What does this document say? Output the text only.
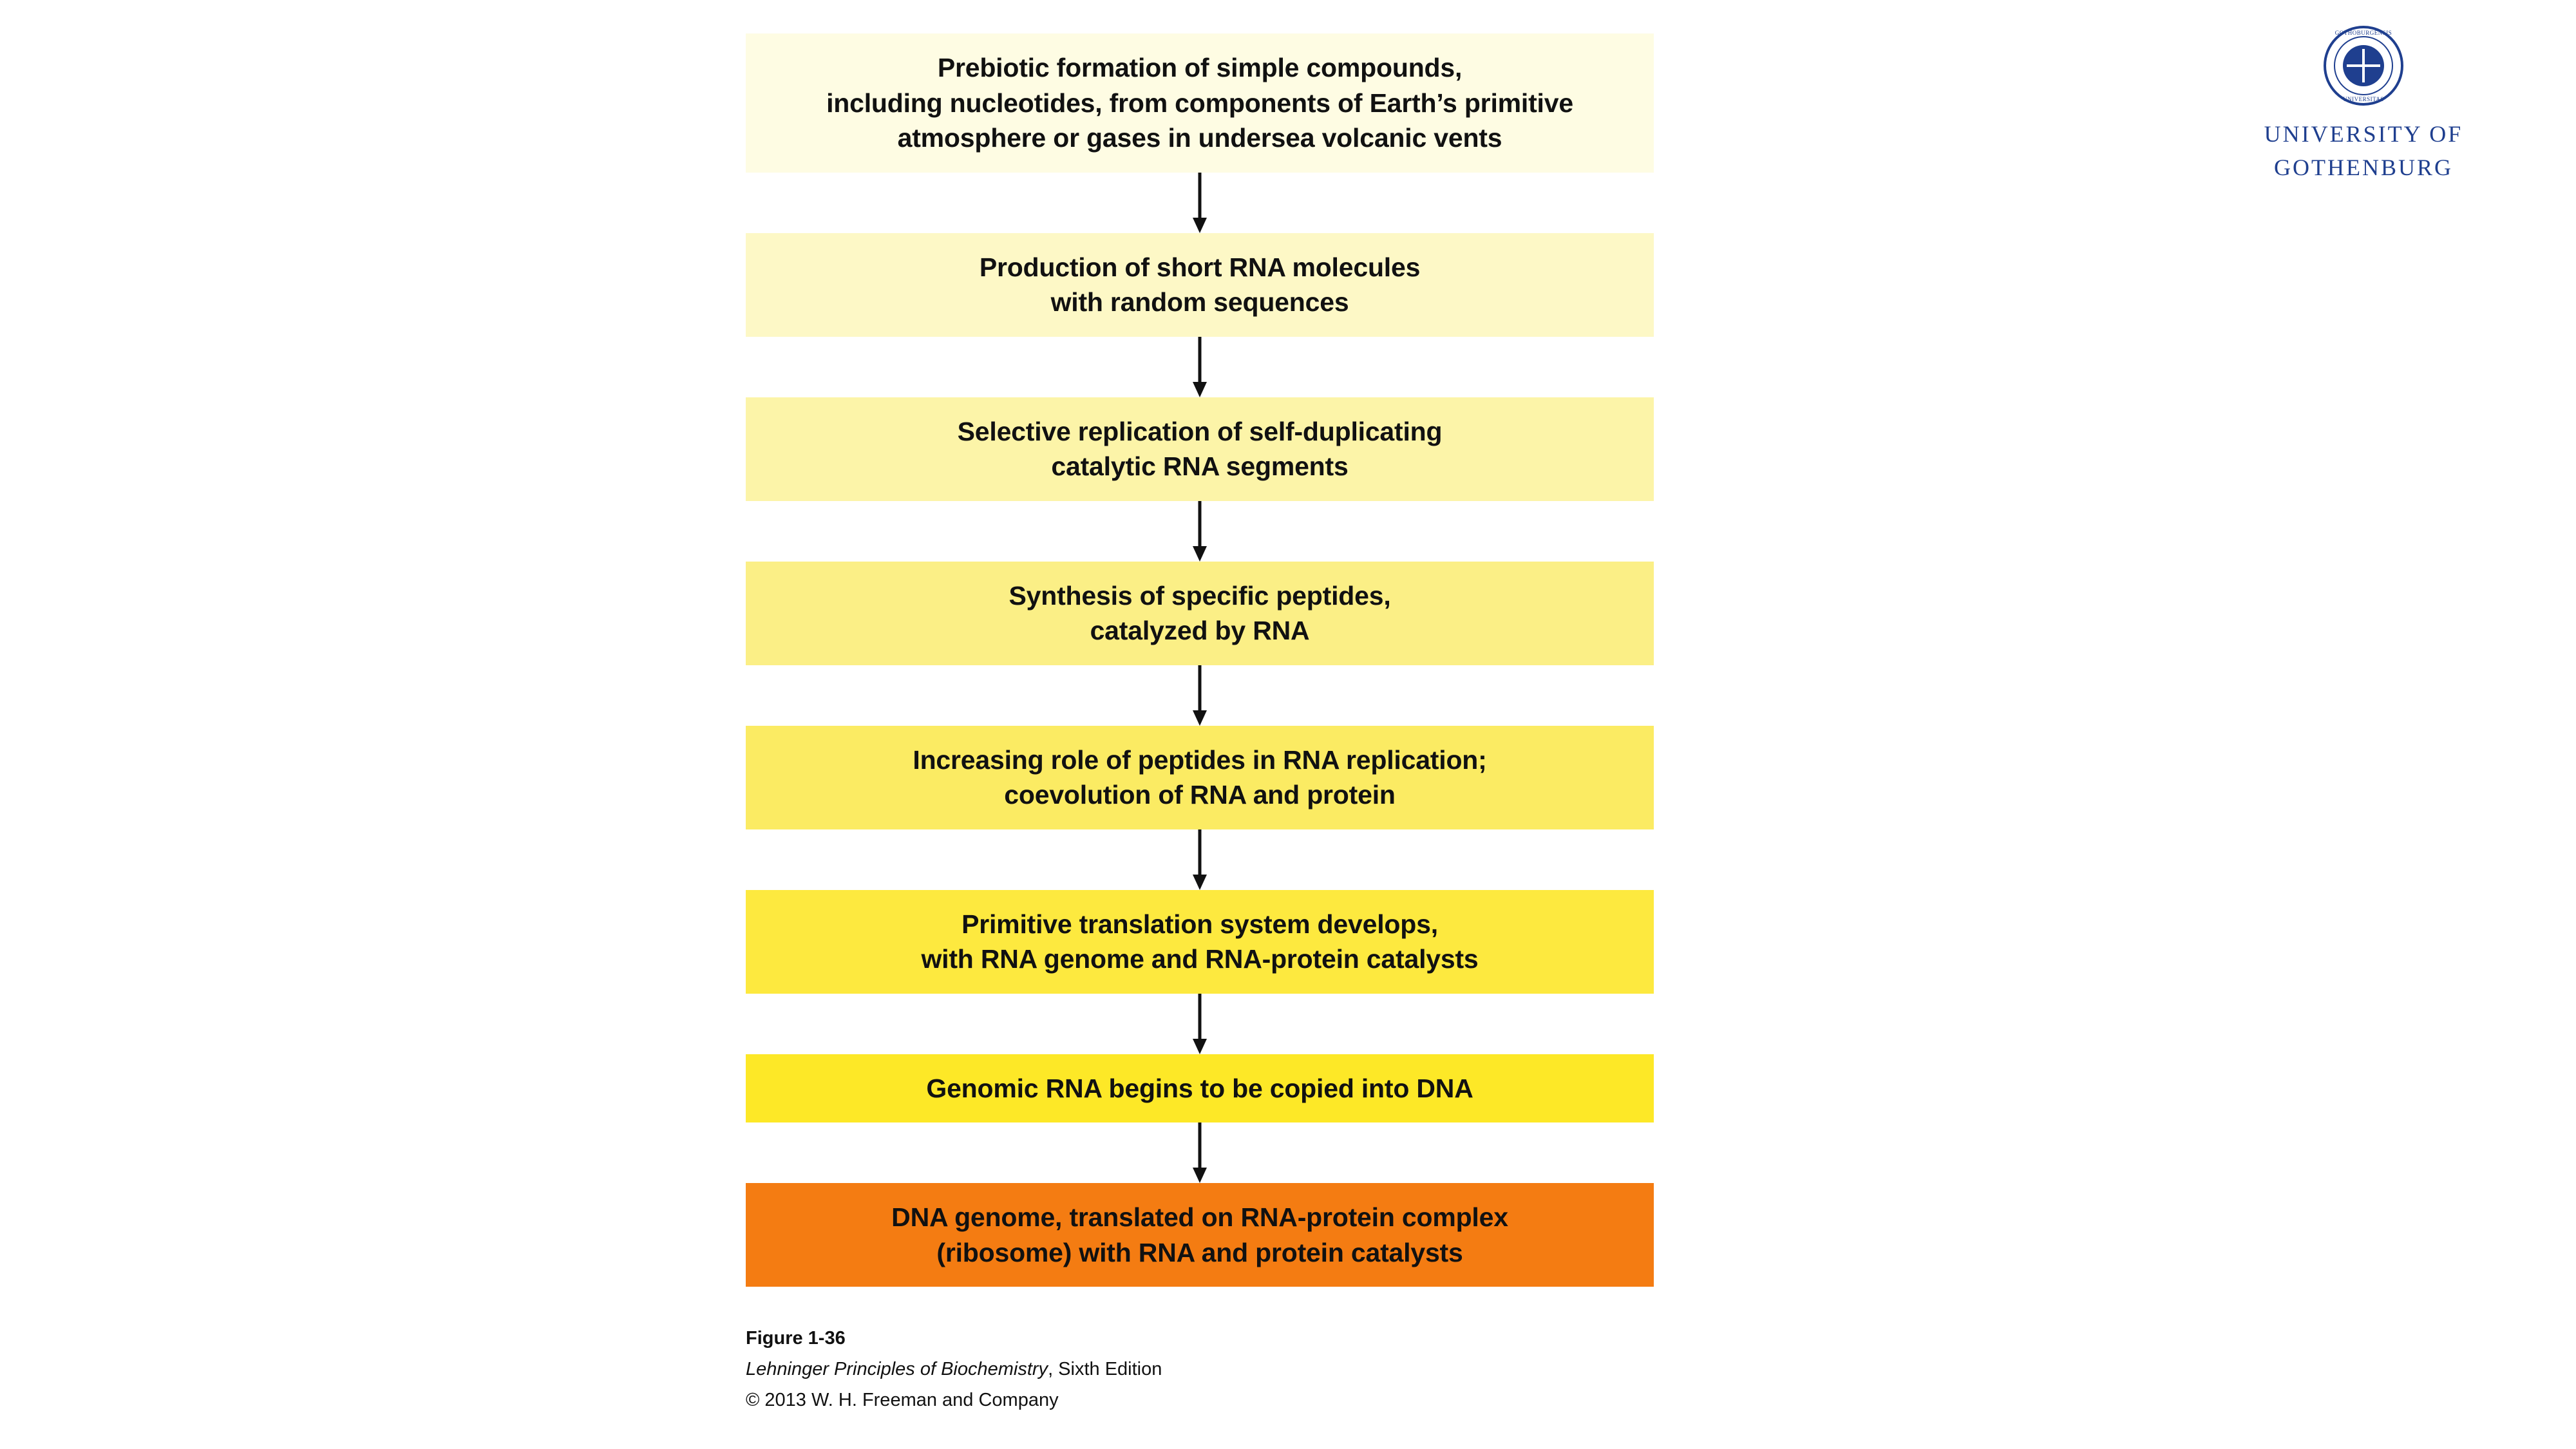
GOTHOBURGENSIS
UNIVERSITAS
UNIVERSITY OF
GOTHENBURG
Prebiotic formation of simple compounds,
including nucleotides, from components of Earth’s primitive
atmosphere or gases in undersea volcanic vents
Production of short RNA molecules
with random sequences
Selective replication of self-duplicating
catalytic RNA segments
Synthesis of specific peptides,
catalyzed by RNA
Increasing role of peptides in RNA replication;
coevolution of RNA and protein
Primitive translation system develops,
with RNA genome and RNA-protein catalysts
Genomic RNA begins to be copied into DNA
DNA genome, translated on RNA-protein complex
(ribosome) with RNA and protein catalysts
Figure 1-36
Lehninger Principles of Biochemistry, Sixth Edition
© 2013 W. H. Freeman and Company
